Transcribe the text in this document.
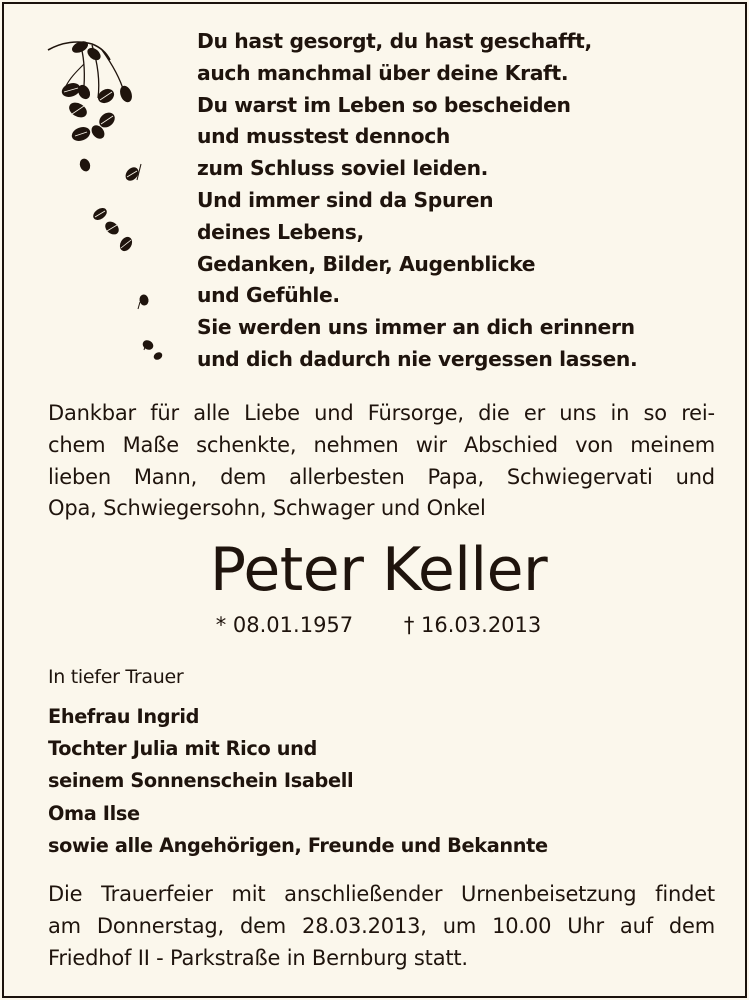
Du hast gesorgt, du hast geschafft,
auch manchmal über deine Kraft.
Du warst im Leben so bescheiden
und musstest dennoch
zum Schluss soviel leiden.
Und immer sind da Spuren
deines Lebens,
Gedanken, Bilder, Augenblicke
und Gefühle.
Sie werden uns immer an dich erinnern
und dich dadurch nie vergessen lassen.
Dankbar für alle Liebe und Fürsorge, die er uns in so rei-
chem Maße schenkte, nehmen wir Abschied von meinem
lieben Mann, dem allerbesten Papa, Schwiegervati und
Opa, Schwiegersohn, Schwager und Onkel
Peter Keller
* 08.01.1957 † 16.03.2013
In tiefer Trauer
Ehefrau Ingrid
Tochter Julia mit Rico und
seinem Sonnenschein Isabell
Oma Ilse
sowie alle Angehörigen, Freunde und Bekannte
Die Trauerfeier mit anschließender Urnenbeisetzung findet
am Donnerstag, dem 28.03.2013, um 10.00 Uhr auf dem
Friedhof II - Parkstraße in Bernburg statt.
